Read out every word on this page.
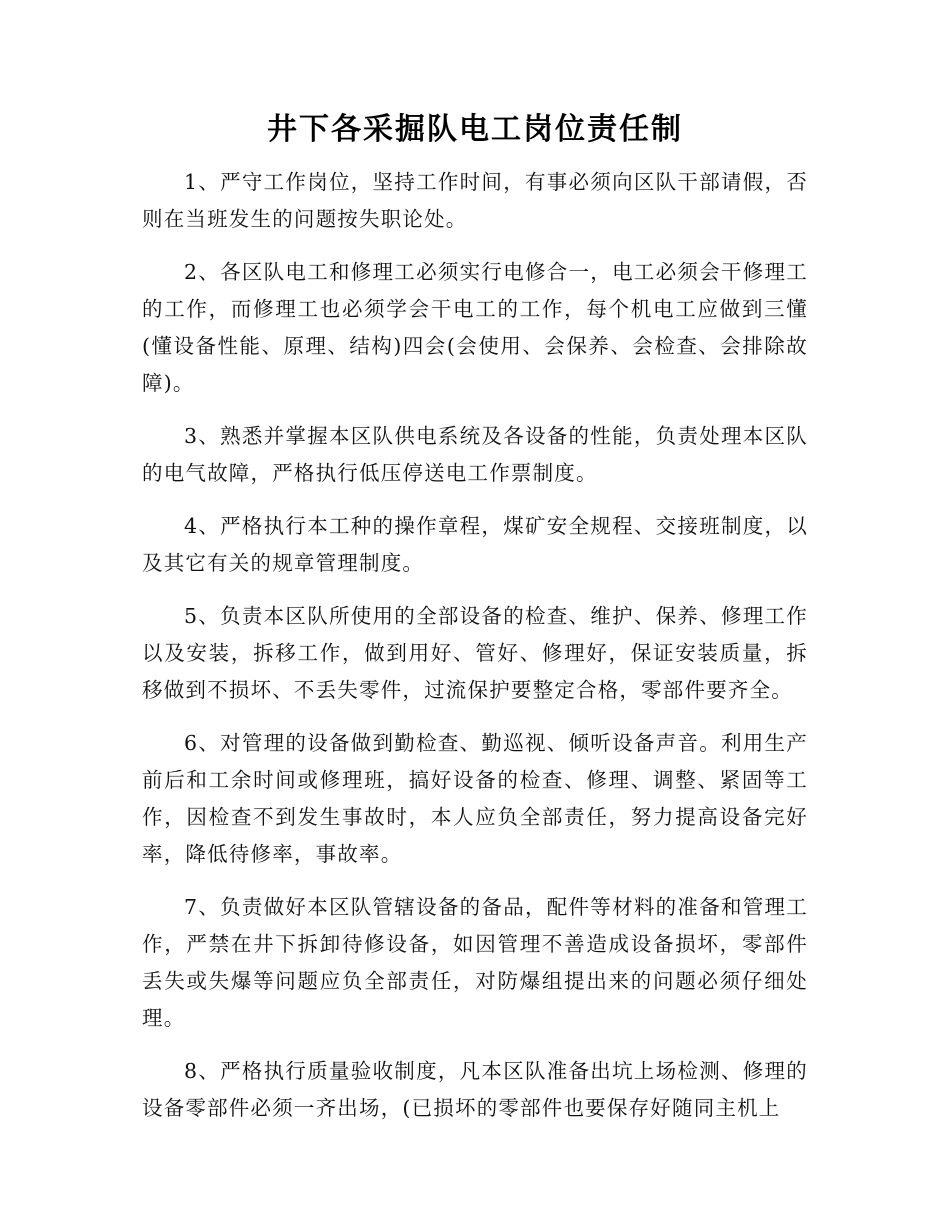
井下各采掘队电工岗位责任制

1、严守工作岗位，坚持工作时间，有事必须向区队干部请假，否则在当班发生的问题按失职论处。

2、各区队电工和修理工必须实行电修合一，电工必须会干修理工的工作，而修理工也必须学会干电工的工作，每个机电工应做到三懂(懂设备性能、原理、结构)四会(会使用、会保养、会检查、会排除故障)。

3、熟悉并掌握本区队供电系统及各设备的性能，负责处理本区队的电气故障，严格执行低压停送电工作票制度。

4、严格执行本工种的操作章程，煤矿安全规程、交接班制度，以及其它有关的规章管理制度。

5、负责本区队所使用的全部设备的检查、维护、保养、修理工作以及安装，拆移工作，做到用好、管好、修理好，保证安装质量，拆移做到不损坏、不丢失零件，过流保护要整定合格，零部件要齐全。

6、对管理的设备做到勤检查、勤巡视、倾听设备声音。利用生产前后和工余时间或修理班，搞好设备的检查、修理、调整、紧固等工作，因检查不到发生事故时，本人应负全部责任，努力提高设备完好率，降低待修率，事故率。

7、负责做好本区队管辖设备的备品，配件等材料的准备和管理工作，严禁在井下拆卸待修设备，如因管理不善造成设备损坏，零部件丢失或失爆等问题应负全部责任，对防爆组提出来的问题必须仔细处理。

8、严格执行质量验收制度，凡本区队准备出坑上场检测、修理的设备零部件必须一齐出场，(已损坏的零部件也要保存好随同主机上
